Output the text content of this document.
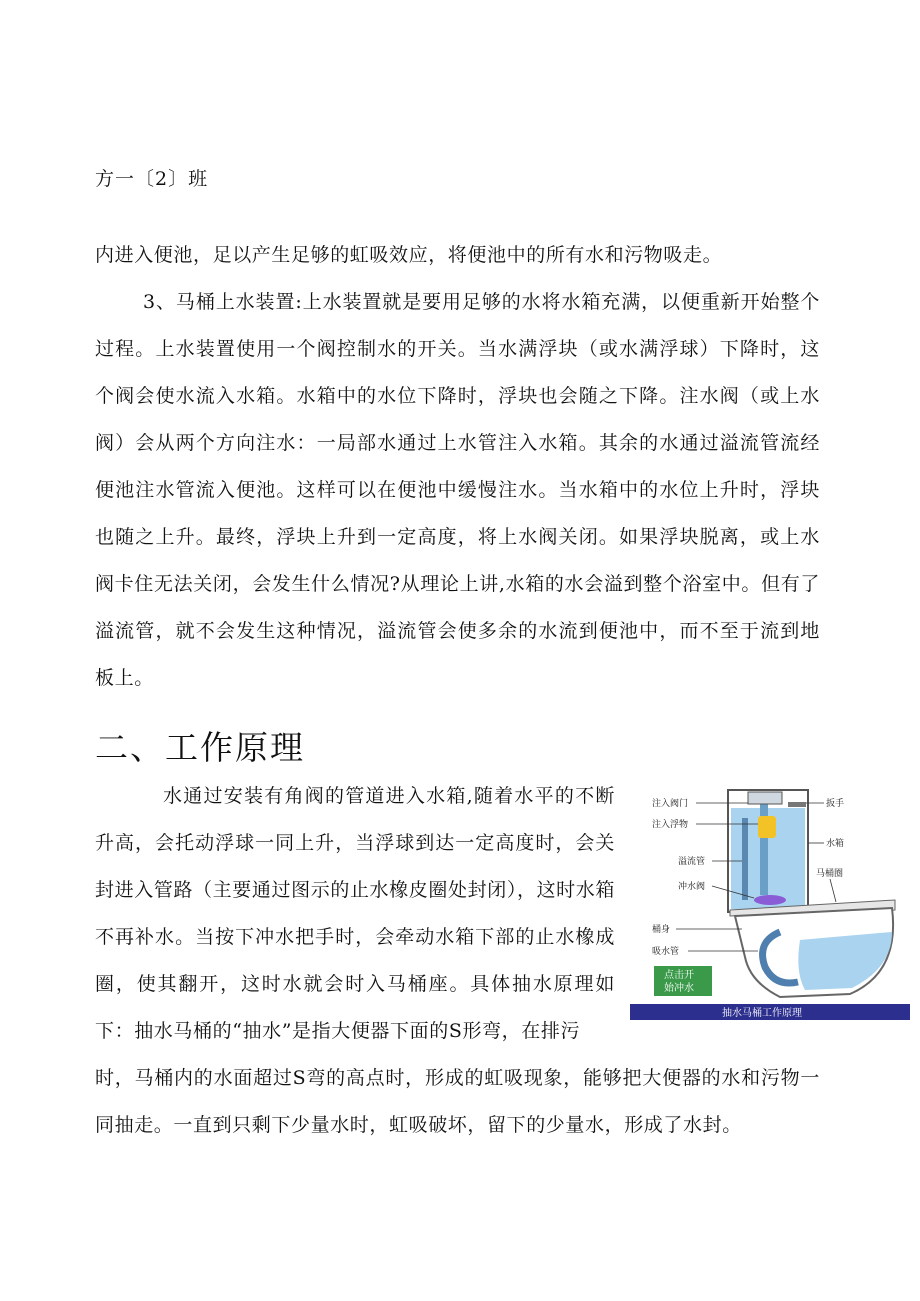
方一〔2〕班

内进入便池，足以产生足够的虹吸效应，将便池中的所有水和污物吸走。

3、马桶上水装置:上水装置就是要用足够的水将水箱充满，以便重新开始整个过程。上水装置使用一个阀控制水的开关。当水满浮块（或水满浮球）下降时，这个阀会使水流入水箱。水箱中的水位下降时，浮块也会随之下降。注水阀（或上水阀）会从两个方向注水：一局部水通过上水管注入水箱。其余的水通过溢流管流经便池注水管流入便池。这样可以在便池中缓慢注水。当水箱中的水位上升时，浮块也随之上升。最终，浮块上升到一定高度，将上水阀关闭。如果浮块脱离，或上水阀卡住无法关闭，会发生什么情况?从理论上讲,水箱的水会溢到整个浴室中。但有了溢流管，就不会发生这种情况，溢流管会使多余的水流到便池中，而不至于流到地板上。

二、工作原理

水通过安装有角阀的管道进入水箱,随着水平的不断升高，会托动浮球一同上升，当浮球到达一定高度时，会关封进入管路（主要通过图示的止水橡皮圈处封闭），这时水箱不再补水。当按下冲水把手时，会牵动水箱下部的止水橡成圈，使其翻开，这时水就会时入马桶座。具体抽水原理如下：抽水马桶的“抽水”是指大便器下面的S形弯，在排污

时，马桶内的水面超过S弯的高点时，形成的虹吸现象，能够把大便器的水和污物一同抽走。一直到只剩下少量水时，虹吸破坏，留下的少量水，形成了水封。

注入阀门
注入浮物
溢流管
冲水阀
桶身
吸水管
扳手
水箱
马桶圈
点击开
始冲水
抽水马桶工作原理
